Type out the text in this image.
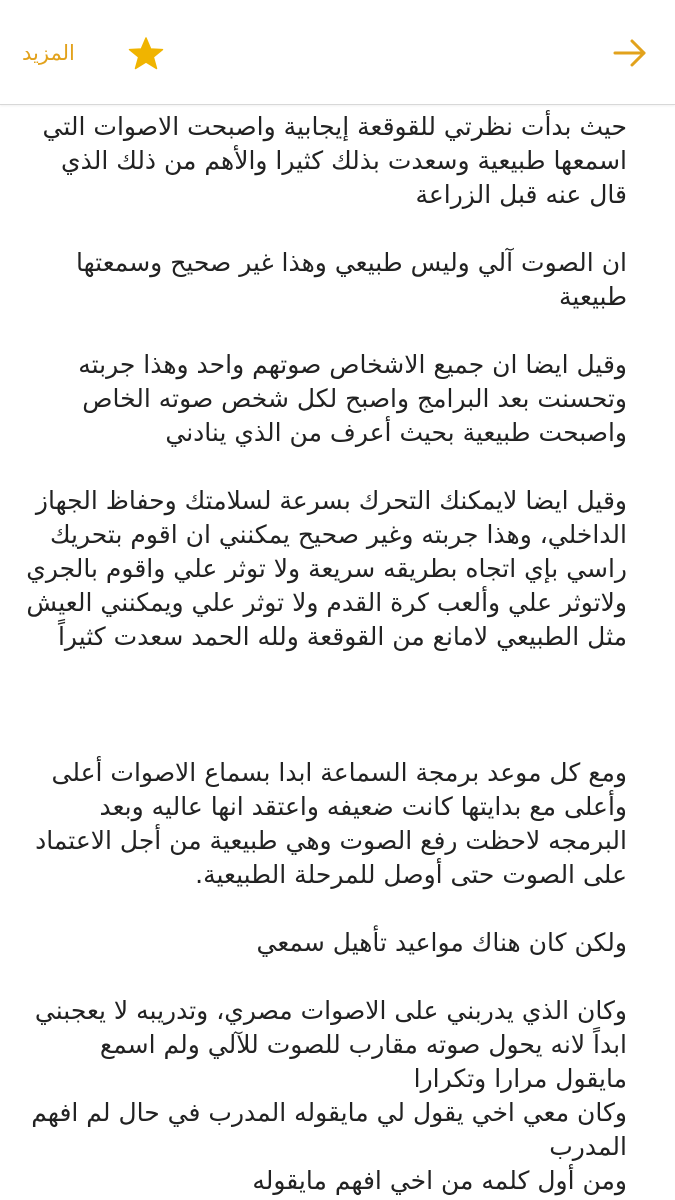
المزيد
حيث بدأت نظرتي للقوقعة إيجابية واصبحت الاصوات التي
اسمعها طبيعية وسعدت بذلك كثيرا والأهم من ذلك الذي
قال عنه قبل الزراعة
ان الصوت آلي وليس طبيعي وهذا غير صحيح وسمعتها
طبيعية
وقيل ايضا ان جميع الاشخاص صوتهم واحد وهذا جربته
وتحسنت بعد البرامج واصبح لكل شخص صوته الخاص
واصبحت طبيعية بحيث أعرف من الذي ينادني
وقيل ايضا لايمكنك التحرك بسرعة لسلامتك وحفاظ الجهاز
الداخلي، وهذا جربته وغير صحيح يمكنني ان اقوم بتحريك
راسي بإي اتجاه بطريقه سريعة ولا توثر علي واقوم بالجري
ولاتوثر علي وألعب كرة القدم ولا توثر علي ويمكنني العيش
مثل الطبيعي لامانع من القوقعة ولله الحمد سعدت كثيراً
ومع كل موعد برمجة السماعة ابدا بسماع الاصوات أعلى
وأعلى مع بدايتها كانت ضعيفه واعتقد انها عاليه وبعد
البرمجه لاحظت رفع الصوت وهي طبيعية من أجل الاعتماد
على الصوت حتى أوصل للمرحلة الطبيعية.
ولكن كان هناك مواعيد تأهيل سمعي
وكان الذي يدربني على الاصوات مصري، وتدريبه لا يعجبني
ابداً لانه يحول صوته مقارب للصوت للآلي ولم اسمع
مايقول مرارا وتكرارا
وكان معي اخي يقول لي مايقوله المدرب في حال لم افهم
المدرب
ومن أول كلمه من اخي افهم مايقوله
